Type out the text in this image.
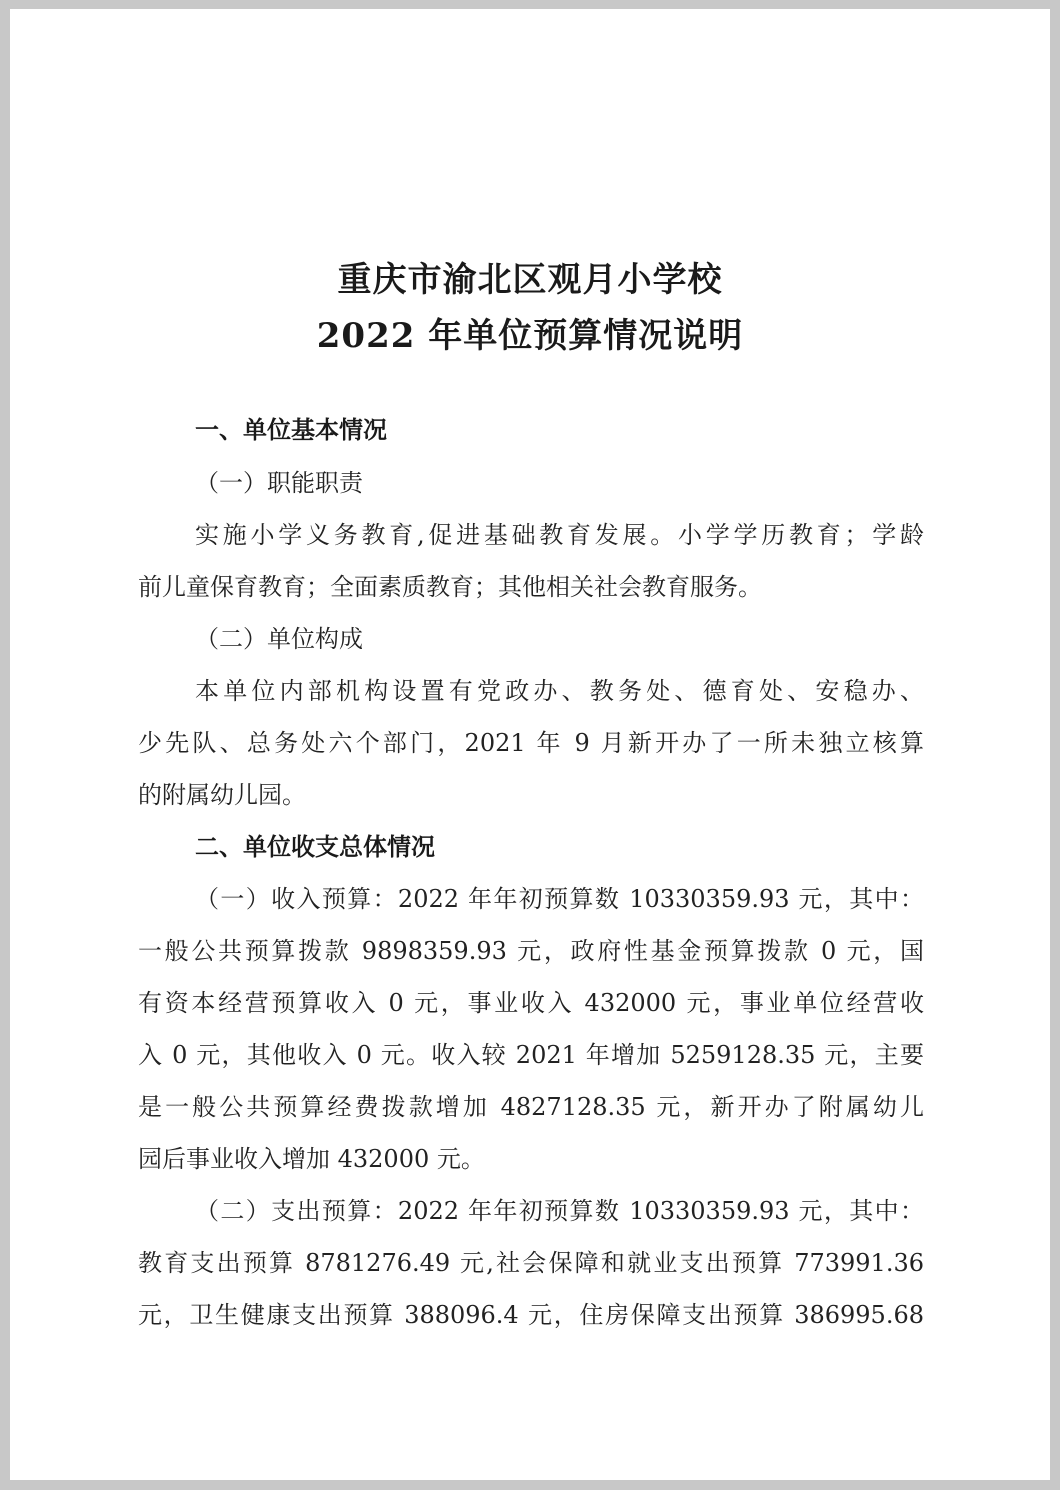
重庆市渝北区观月小学校
2022 年单位预算情况说明
一、单位基本情况
（一）职能职责
实施小学义务教育,促进基础教育发展。小学学历教育；学龄
前儿童保育教育；全面素质教育；其他相关社会教育服务。
（二）单位构成
本单位内部机构设置有党政办、教务处、德育处、安稳办、
少先队、总务处六个部门，2021 年 9 月新开办了一所未独立核算
的附属幼儿园。
二、单位收支总体情况
（一）收入预算：2022 年年初预算数 10330359.93 元，其中：
一般公共预算拨款 9898359.93 元，政府性基金预算拨款 0 元，国
有资本经营预算收入 0 元，事业收入 432000 元，事业单位经营收
入 0 元，其他收入 0 元。收入较 2021 年增加 5259128.35 元，主要
是一般公共预算经费拨款增加 4827128.35 元，新开办了附属幼儿
园后事业收入增加 432000 元。
（二）支出预算：2022 年年初预算数 10330359.93 元，其中：
教育支出预算 8781276.49 元,社会保障和就业支出预算 773991.36
元，卫生健康支出预算 388096.4 元，住房保障支出预算 386995.68
